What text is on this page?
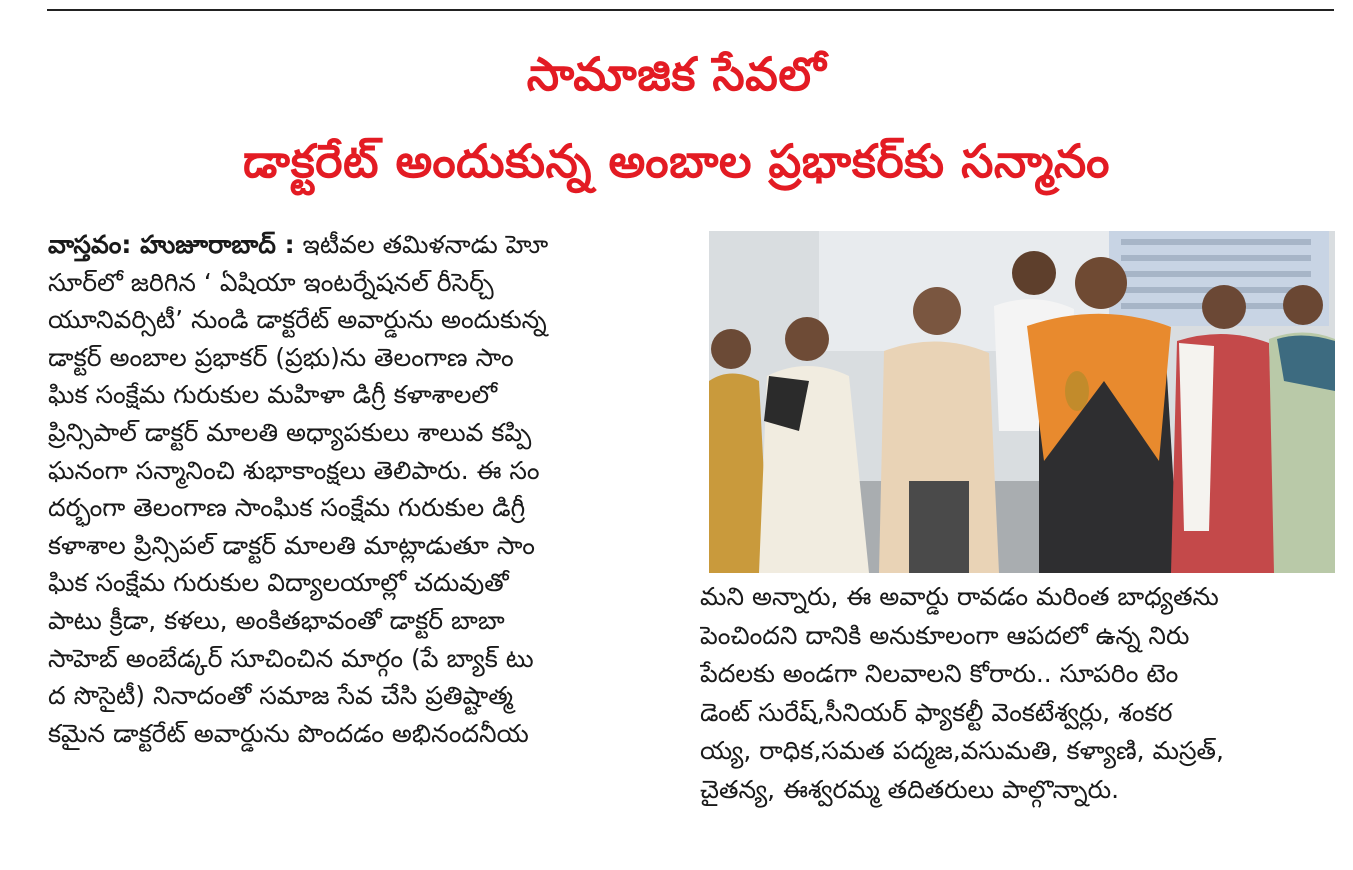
సామాజిక సేవలో
డాక్టరేట్ అందుకున్న అంబాల ప్రభాకర్‌కు సన్మానం
వాస్తవం: హుజూరాబాద్ : ఇటీవల తమిళనాడు హెూ
సూర్‌లో జరిగిన ‘ ఏషియా ఇంటర్నేషనల్ రీసెర్చ్
యూనివర్సిటీ’ నుండి డాక్టరేట్ అవార్డును అందుకున్న
డాక్టర్ అంబాల ప్రభాకర్ (ప్రభు)ను తెలంగాణ సాం
ఘిక సంక్షేమ గురుకుల మహిళా డిగ్రీ కళాశాలలో
ప్రిన్సిపాల్ డాక్టర్ మాలతి అధ్యాపకులు శాలువ కప్పి
ఘనంగా సన్మానించి శుభాకాంక్షలు తెలిపారు. ఈ సం
దర్భంగా తెలంగాణ సాంఘిక సంక్షేమ గురుకుల డిగ్రీ
కళాశాల ప్రిన్సిపల్ డాక్టర్ మాలతి మాట్లాడుతూ సాం
ఘిక సంక్షేమ గురుకుల విద్యాలయాల్లో చదువుతో
పాటు క్రీడా, కళలు, అంకితభావంతో డాక్టర్ బాబా
సాహెబ్ అంబేడ్కర్ సూచించిన మార్గం (పే బ్యాక్ టు
ద సొసైటీ) నినాదంతో సమాజ సేవ చేసి ప్రతిష్టాత్మ
కమైన డాక్టరేట్ అవార్డును పొందడం అభినందనీయ
మని అన్నారు, ఈ అవార్డు రావడం మరింత బాధ్యతను
పెంచిందని దానికి అనుకూలంగా ఆపదలో ఉన్న నిరు
పేదలకు అండగా నిలవాలని కోరారు.. సూపరిం టెం
డెంట్ సురేష్,సీనియర్ ఫ్యాకల్టీ వెంకటేశ్వర్లు, శంకర
య్య, రాధిక,సమత పద్మజ,వసుమతి, కళ్యాణి, మస్రత్,
చైతన్య, ఈశ్వరమ్మ తదితరులు పాల్గొన్నారు.
